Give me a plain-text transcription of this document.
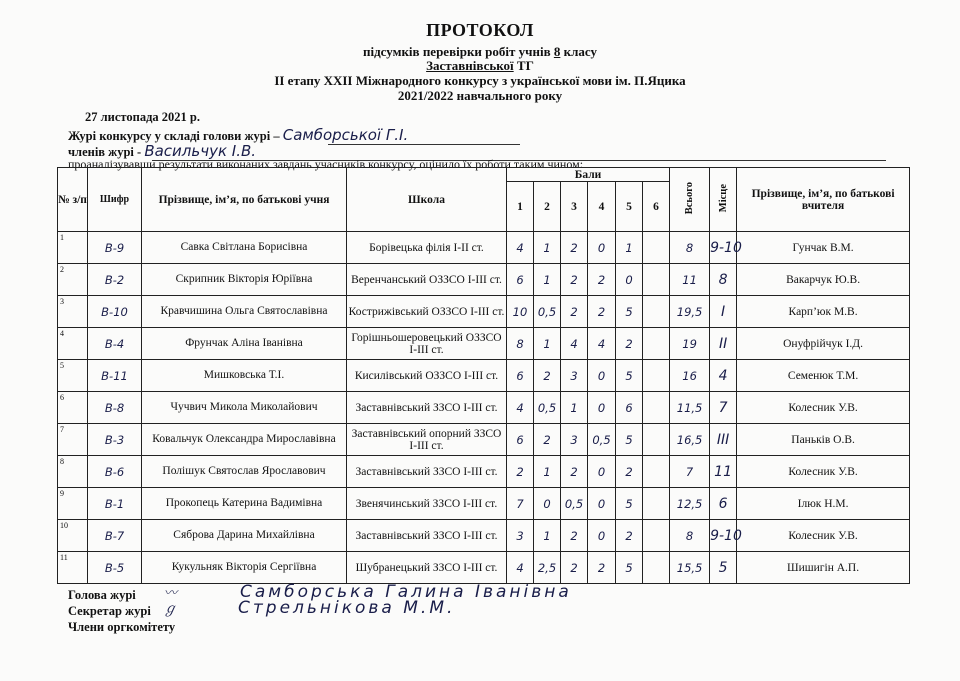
ПРОТОКОЛ
підсумків перевірки робіт учнів 8 класу
Заставнівської ТГ
ІІ етапу ХХІІ Міжнародного конкурсу з української мови ім. П.Яцика
2021/2022 навчального року
27 листопада 2021 р.
Журі конкурсу у складі голови журі – Самборської Г.І.
членів журі - Васильчук І.В.
проаналізувавши результати виконаних завдань учасників конкурсу, оцінило їх роботи таким чином:
№ з/п	Шифр	Прізвище, ім’я, по батькові учня	Школа	Бали						Всього	Місце	Прізвище, ім’я, по батькові вчителя
				1	2	3	4	5	6			

1	В-9	Савка Світлана Борисівна	Борівецька філія І-ІІ ст.	4	1	2	0	1		8	9-10	Гунчак В.М.

2	В-2	Скрипник Вікторія Юріївна	Веренчанський ОЗЗСО І-ІІІ ст.	6	1	2	2	0		11	8	Вакарчук Ю.В.

3	В-10	Кравчишина Ольга Святославівна	Кострижівський ОЗЗСО І-ІІІ ст.	10	0,5	2	2	5		19,5	І	Карп’юк М.В.

4	В-4	Фрунчак Аліна Іванівна	Горішньошеровецький ОЗЗСО І-ІІІ ст.	8	1	4	4	2		19	ІІ	Онуфрійчук І.Д.

5	В-11	Мишковська Т.І.	Кисилівський ОЗЗСО І-ІІІ ст.	6	2	3	0	5		16	4	Семенюк Т.М.

6	В-8	Чучвич Микола Миколайович	Заставнівський ЗЗСО І-ІІІ ст.	4	0,5	1	0	6		11,5	7	Колесник У.В.

7	В-3	Ковальчук Олександра Мирославівна	Заставнівський опорний ЗЗСО І-ІІІ ст.	6	2	3	0,5	5		16,5	ІІІ	Паньків О.В.

8	В-6	Полішук Святослав Ярославович	Заставнівський ЗЗСО І-ІІІ ст.	2	1	2	0	2		7	11	Колесник У.В.

9	В-1	Прокопець Катерина Вадимівна	Звенячинський ЗЗСО І-ІІІ ст.	7	0	0,5	0	5		12,5	6	Ілюк Н.М.

10	В-7	Сяброва Дарина Михайлівна	Заставнівський ЗЗСО І-ІІІ ст.	3	1	2	0	2		8	9-10	Колесник У.В.

11	В-5	Кукульняк Вікторія Сергіївна	Шубранецький ЗЗСО І-ІІІ ст.	4	2,5	2	2	5		15,5	5	Шишигін А.П.
Голова журі 〰	Самборська Галина Іванівна
Секретар журі ℊ	Стрельнікова М.М.
Члени оргкомітету
